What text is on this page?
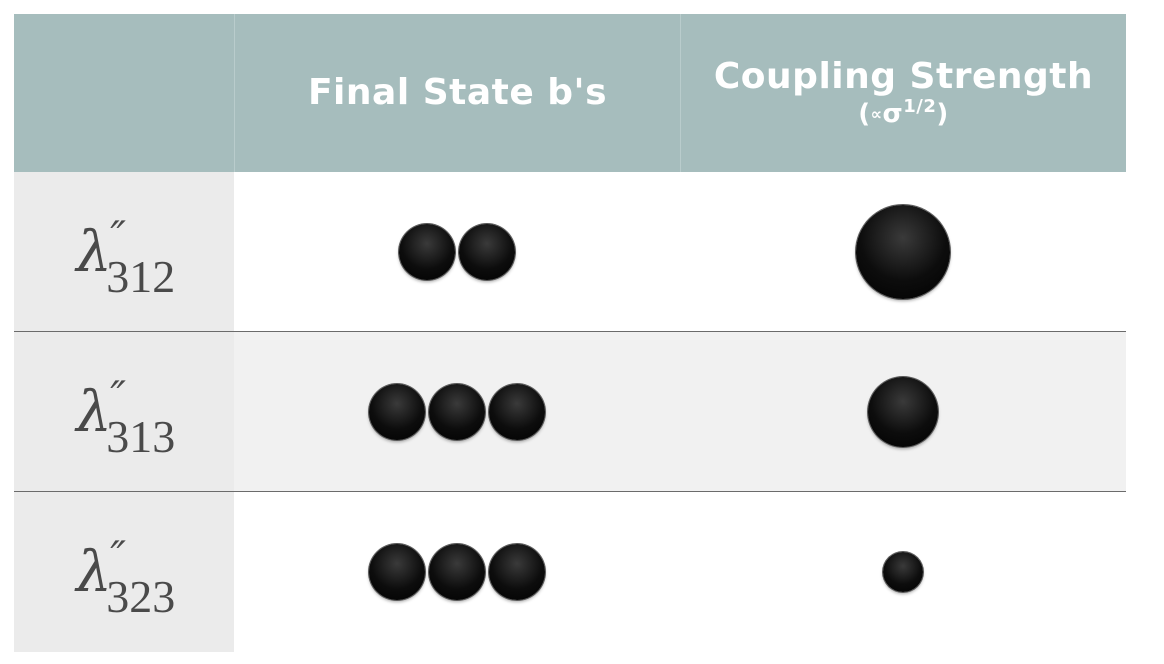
Final State b's	Coupling Strength
$(\propto\sigma^{1/2})$
λ
″
312
λ
″
313
λ
″
323
